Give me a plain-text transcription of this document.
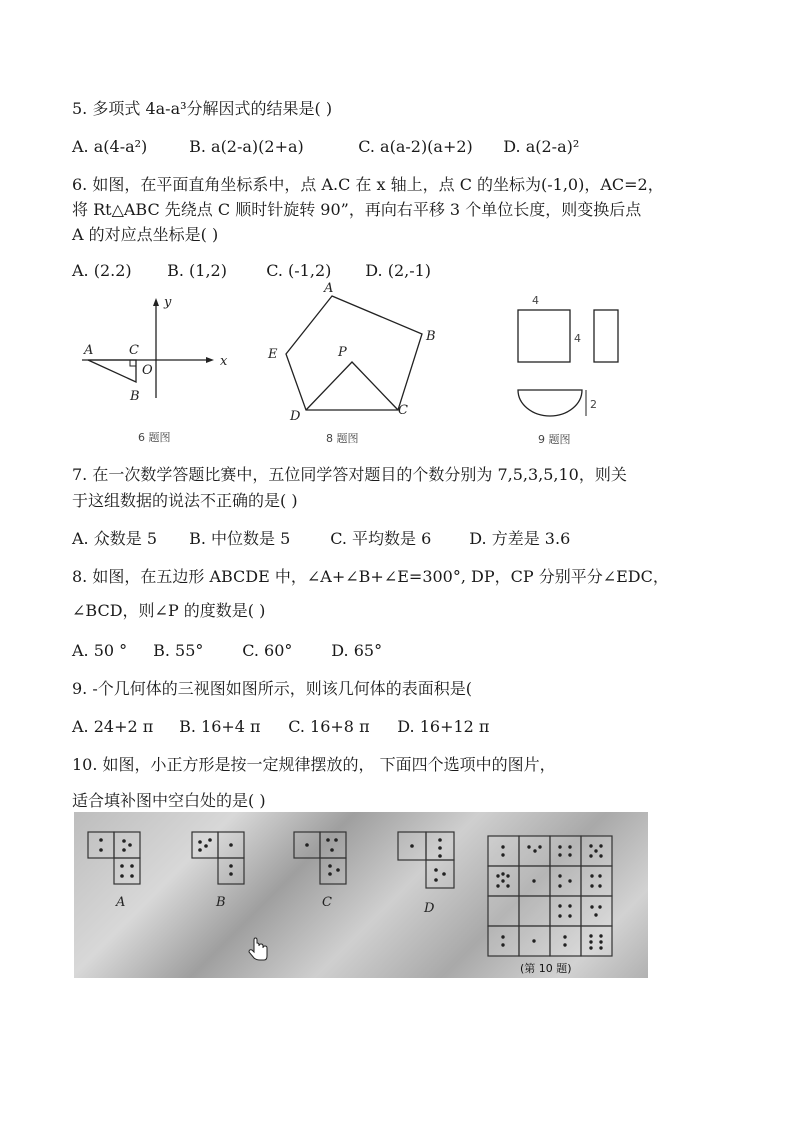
5. 多项式 4a-a³分解因式的结果是( )
A. a(4-a²)	B. a(2-a)(2+a)	C. a(a-2)(a+2) D. a(2-a)²
6. 如图，在平面直角坐标系中，点 A.C 在 x 轴上，点 C 的坐标为(-1,0)，AC=2，
将 Rt△ABC 先绕点 C 顺时针旋转 90”，再向右平移 3 个单位长度，则变换后点
A 的对应点坐标是( )
A. (2.2) B. (1,2) C. (-1,2) D. (2,-1)
y
x
A	C
O
B
6 题图
A
B
C
D
E	P
8 题图
4
4
2
9 题图
7. 在一次数学答题比赛中，五位同学答对题目的个数分别为 7,5,3,5,10，则关
于这组数据的说法不正确的是( )
A. 众数是 5 B. 中位数是 5 C. 平均数是 6 D. 方差是 3.6
8. 如图，在五边形 ABCDE 中，∠A+∠B+∠E=300°, DP，CP 分别平分∠EDC，
∠BCD，则∠P 的度数是( )
A. 50 ° B. 55° C. 60° D. 65°
9. -个几何体的三视图如图所示，则该几何体的表面积是(
A. 24+2 π B. 16+4 π C. 16+8 π D. 16+12 π
10. 如图，小正方形是按一定规律摆放的， 下面四个选项中的图片，
适合填补图中空白处的是( )
A	B	C	D
(第 10 题)
